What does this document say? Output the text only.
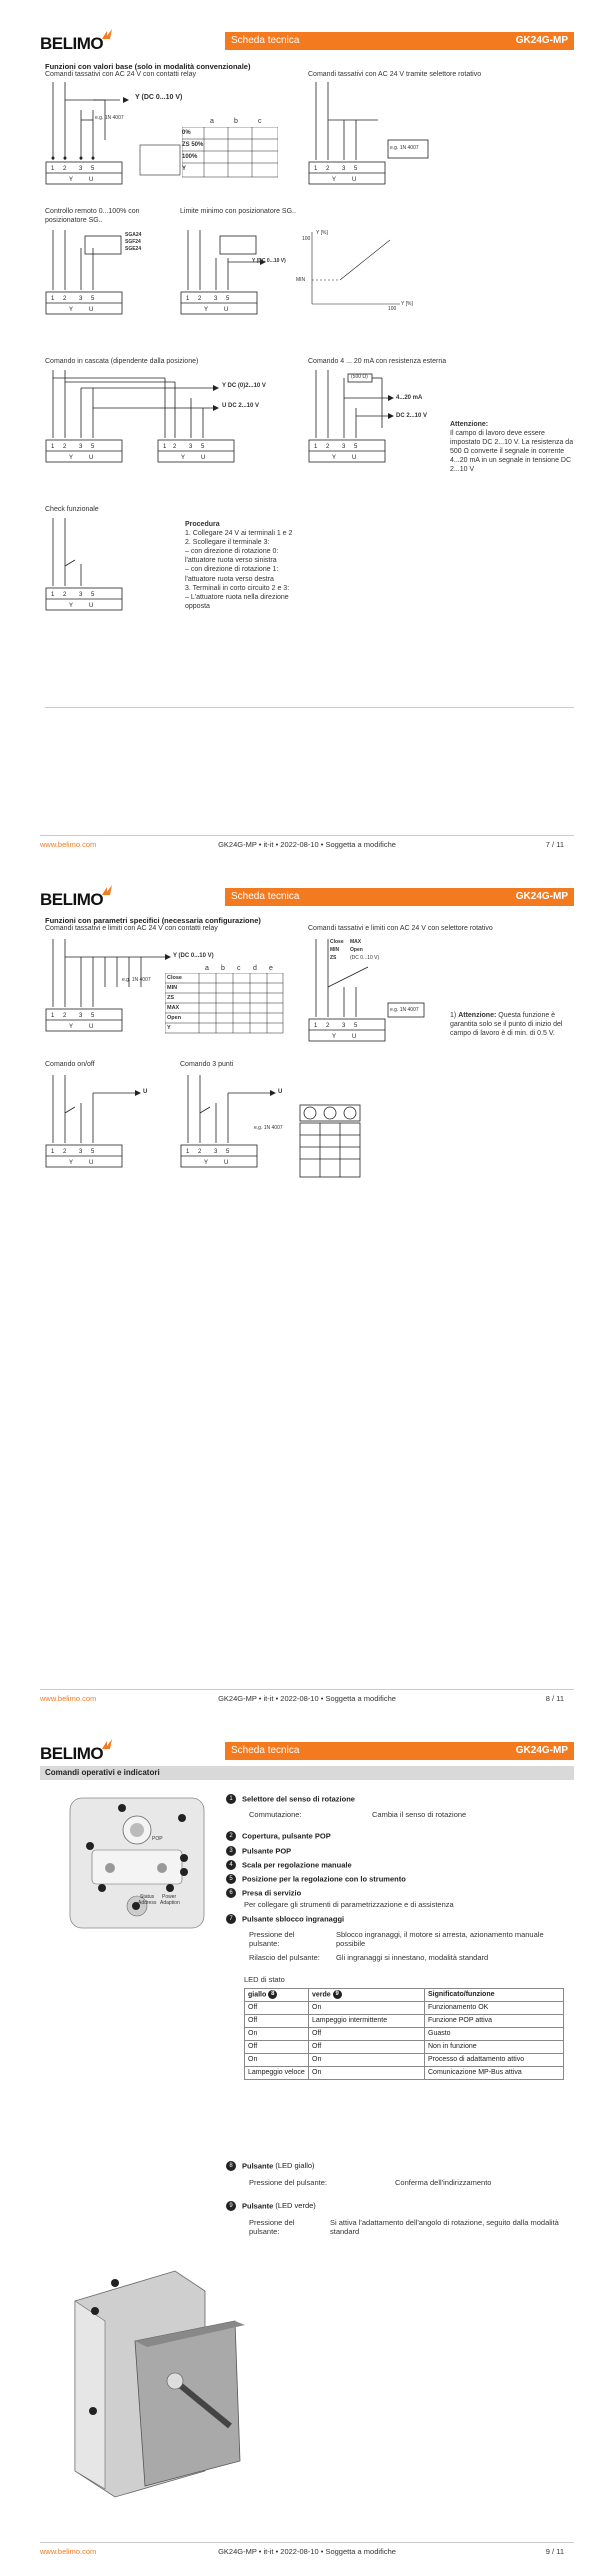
BELIMO	Scheda tecnica	GK24G-MP
Funzioni con valori base (solo in modalità convenzionale)
Comandi tassativi con AC 24 V con contatti relay	Comandi tassativi con AC 24 V tramite selettore rotativo
1 2 3 5
Y	U
Y (DC 0...10 V)
e.g. 1N 4007	a	b	c
0%
ZS 50%
100%
Y	1 2 3 5
Y	U
e.g. 1N 4007
Controllo remoto 0...100% con
posizionatore SG..
Limite minimo con posizionatore SG..
1 2 3 5
Y	U
SGA24
SGF24
SGE24
1 2 3 5
Y	U
Y (DC 0...10 V)
Y [%]
Y [%]
100
100
MIN
Comando in cascata (dipendente dalla posizione)	Comando 4 ... 20 mA con resistenza esterna
1 2 3 5
Y	U
1 2 3 5
Y	U
Y DC (0)2...10 V
U DC 2...10 V
1 2 3 5
Y	U
(500 Ω)
4...20 mA
DC 2...10 V
Attenzione:
Il campo di lavoro deve essere impostato DC 2...10 V. La resistenza da 500 Ω converte il segnale in corrente 4...20 mA in un segnale in tensione DC 2...10 V
Check funzionale
1 2 3 5
Y	U
Procedura
1. Collegare 24 V ai terminali 1 e 2
2. Scollegare il terminale 3:
– con direzione di rotazione 0: l'attuatore ruota verso sinistra
– con direzione di rotazione 1: l'attuatore ruota verso destra
3. Terminali in corto circuito 2 e 3:
– L'attuatore ruota nella direzione opposta
www.belimo.com	GK24G-MP • it-it • 2022-08-10 • Soggetta a modifiche	7 / 11
BELIMO	Scheda tecnica	GK24G-MP
Funzioni con parametri specifici (necessaria configurazione)
Comandi tassativi e limiti con AC 24 V con contatti relay	Comandi tassativi e limiti con AC 24 V con selettore rotativo
1 2 3 5
Y	U
Y (DC 0...10 V)
e.g. 1N 4007
a b c d e
Close
MIN
ZS
MAX
Open
Y	1 2 3 5
Y	U
Close
MIN
ZS
MAX
Open
(DC 0...10 V)
e.g. 1N 4007
1) Attenzione: Questa funzione è garantita solo se il punto di inizio del campo di lavoro è di min. di 0.5 V.
Comando on/off	Comando 3 punti
1 2 3 5
Y	U
U
1 2 3 5
Y	U
U
e.g. 1N 4007
www.belimo.com	GK24G-MP • it-it • 2022-08-10 • Soggetta a modifiche	8 / 11
BELIMO	Scheda tecnica	GK24G-MP
Comandi operativi e indicatori
POP
Status Power
Address Adaption
1 Selettore del senso di rotazione
Commutazione:	Cambia il senso di rotazione
2 Copertura, pulsante POP
3 Pulsante POP
4 Scala per regolazione manuale
5 Posizione per la regolazione con lo strumento
6 Presa di servizio
Per collegare gli strumenti di parametrizzazione e di assistenza
7 Pulsante sblocco ingranaggi
Pressione del pulsante:
Sblocco ingranaggi, il motore si arresta, azionamento manuale possibile
Rilascio del pulsante: Gli ingranaggi si innestano, modalità standard
LED di stato
giallo 8	verde 9	Significato/funzione
Off	On	Funzionamento OK
Off	Lampeggio intermittente	Funzione POP attiva
On	Off	Guasto
Off	Off	Non in funzione
On	On	Processo di adattamento attivo
Lampeggio veloce	On	Comunicazione MP-Bus attiva
8 Pulsante (LED giallo)
Pressione del pulsante:	Conferma dell'indirizzamento
9 Pulsante (LED verde)
Pressione del pulsante:
Si attiva l'adattamento dell'angolo di rotazione, seguito dalla modalità standard
www.belimo.com	GK24G-MP • it-it • 2022-08-10 • Soggetta a modifiche	9 / 11
